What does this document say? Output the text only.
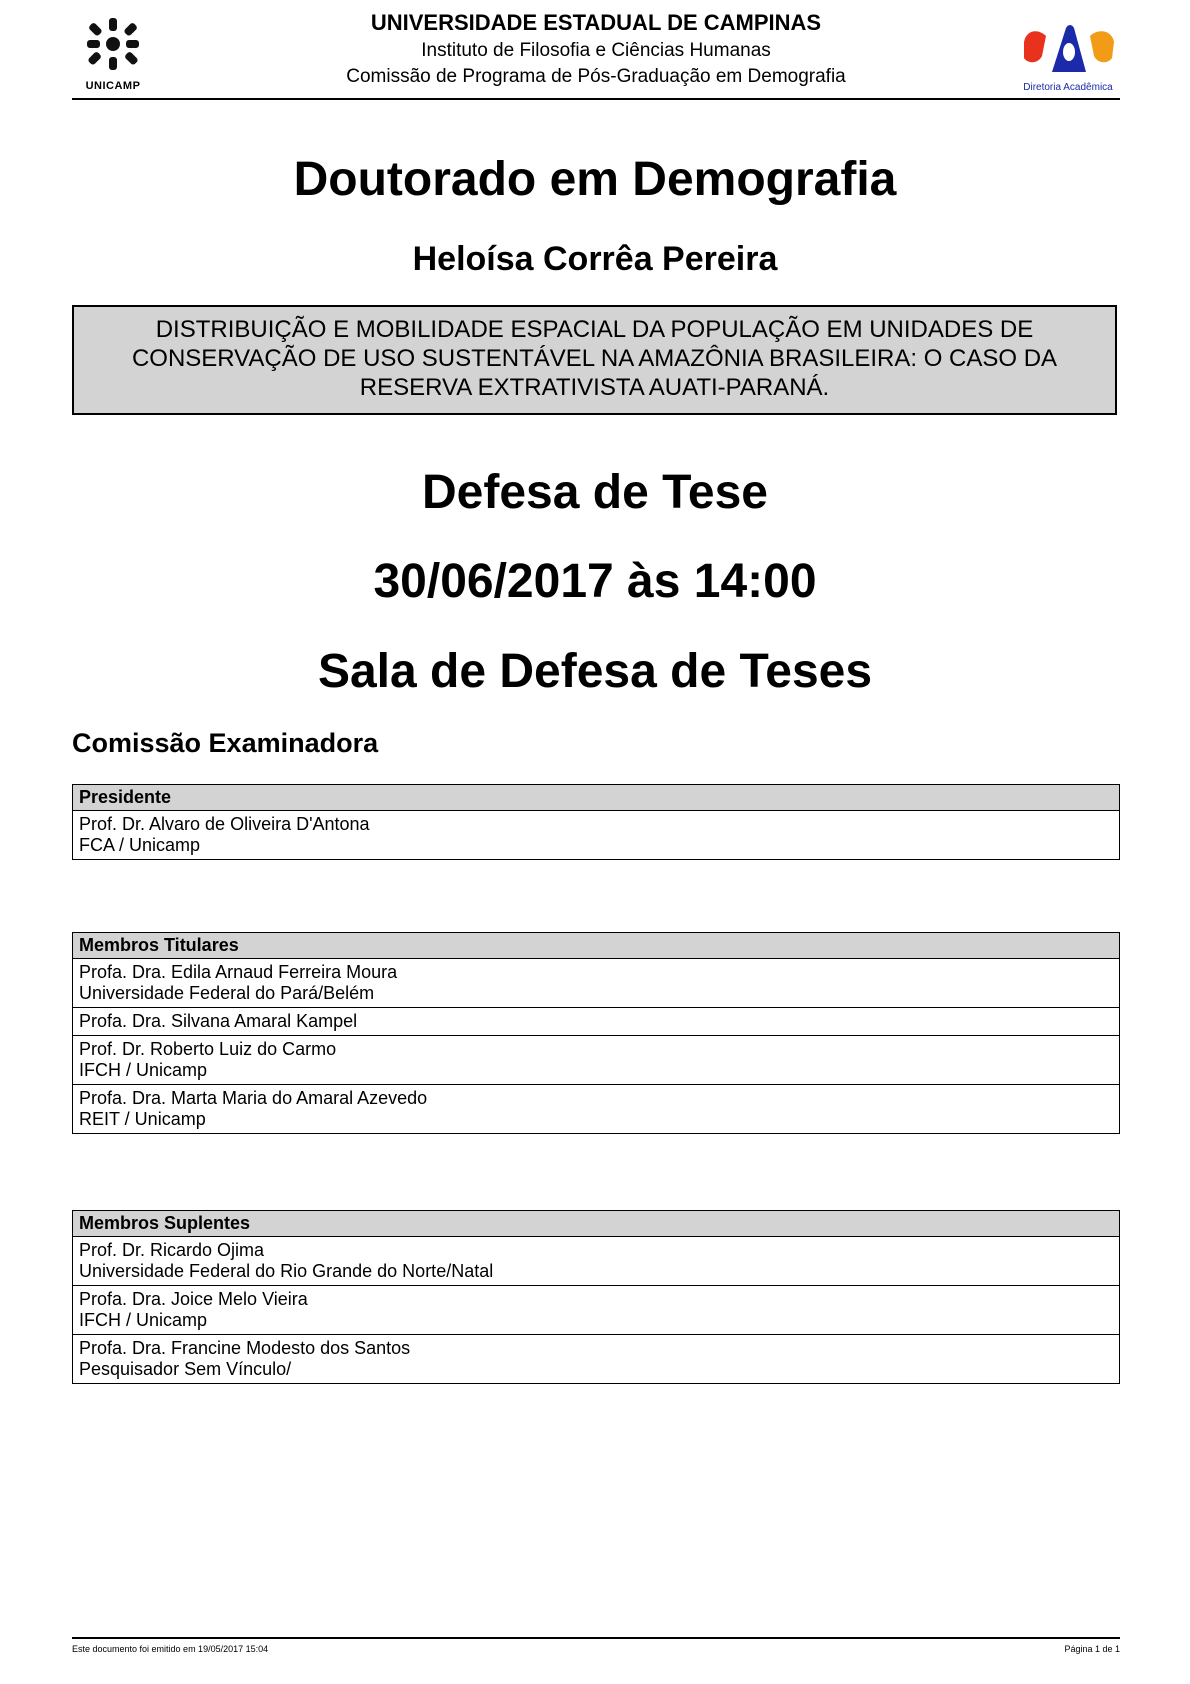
UNICAMP
UNIVERSIDADE ESTADUAL DE CAMPINAS
Instituto de Filosofia e Ciências Humanas
Comissão de Programa de Pós-Graduação em Demografia
Diretoria Acadêmica
Doutorado em Demografia
Heloísa Corrêa Pereira
DISTRIBUIÇÃO E MOBILIDADE ESPACIAL DA POPULAÇÃO EM UNIDADES DE CONSERVAÇÃO DE USO SUSTENTÁVEL NA AMAZÔNIA BRASILEIRA: O CASO DA RESERVA EXTRATIVISTA AUATI-PARANÁ.
Defesa de Tese
30/06/2017 às 14:00
Sala de Defesa de Teses
Comissão Examinadora
Presidente

Prof. Dr. Alvaro de Oliveira D'Antona
FCA / Unicamp
Membros Titulares

Profa. Dra. Edila Arnaud Ferreira Moura
Universidade Federal do Pará/Belém

Profa. Dra. Silvana Amaral Kampel

Prof. Dr. Roberto Luiz do Carmo
IFCH / Unicamp

Profa. Dra. Marta Maria do Amaral Azevedo
REIT / Unicamp
Membros Suplentes

Prof. Dr. Ricardo Ojima
Universidade Federal do Rio Grande do Norte/Natal

Profa. Dra. Joice Melo Vieira
IFCH / Unicamp

Profa. Dra. Francine Modesto dos Santos
Pesquisador Sem Vínculo/
Este documento foi emitido em 19/05/2017 15:04	Página 1 de 1
